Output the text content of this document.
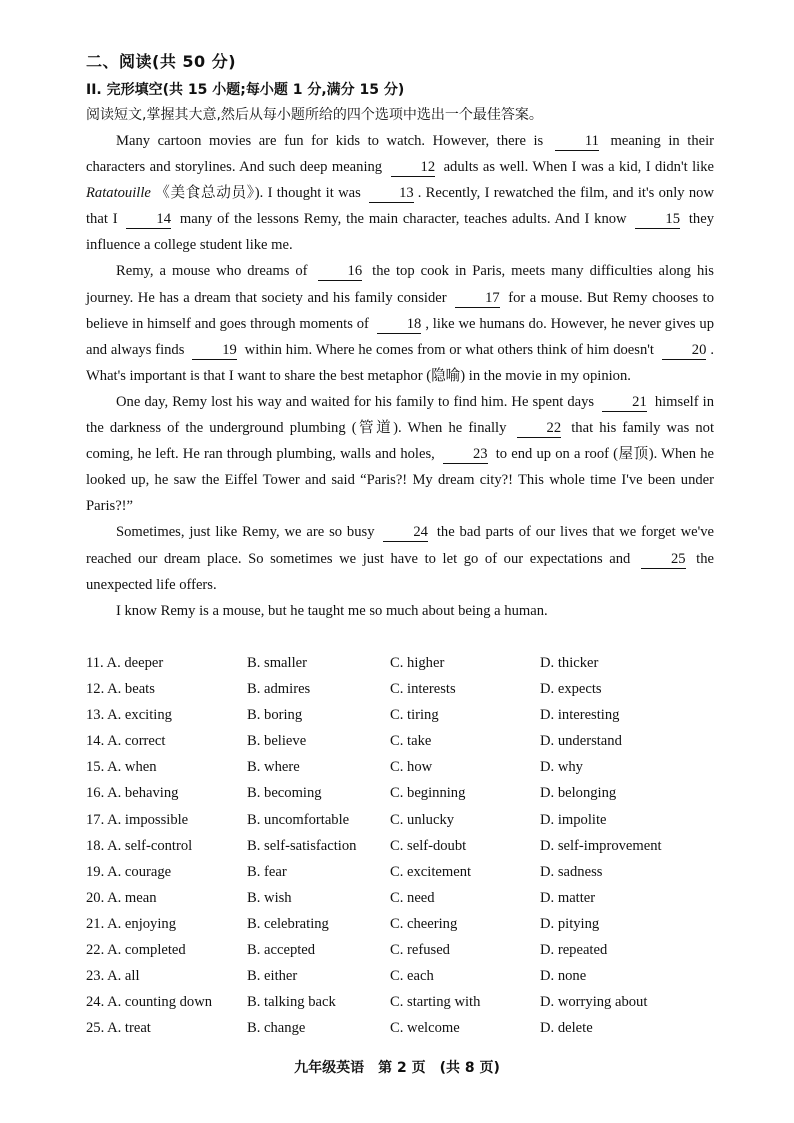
二、阅读(共 50 分)
II. 完形填空(共 15 小题;每小题 1 分,满分 15 分)
阅读短文,掌握其大意,然后从每小题所给的四个选项中选出一个最佳答案。

Many cartoon movies are fun for kids to watch. However, there is	11 meaning in their characters and storylines. And such deep meaning	12 adults as well. When I was a kid, I didn't like Ratatouille 《美食总动员》). I thought it was	13 . Recently, I rewatched the film, and it's only now that I	14 many of the lessons Remy, the main character, teaches adults. And I know	15 they influence a college student like me.

Remy, a mouse who dreams of	16 the top cook in Paris, meets many difficulties along his journey. He has a dream that society and his family consider	17 for a mouse. But Remy chooses to believe in himself and goes through moments of	18 , like we humans do. However, he never gives up and always finds	19 within him. Where he comes from or what others think of him doesn't	20 . What's important is that I want to share the best metaphor (隐喻) in the movie in my opinion.

One day, Remy lost his way and waited for his family to find him. He spent days	21 himself in the darkness of the underground plumbing (管道). When he finally	22 that his family was not coming, he left. He ran through plumbing, walls and holes,	23 to end up on a roof (屋顶). When he looked up, he saw the Eiffel Tower and said “Paris?! My dream city?! This whole time I've been under Paris?!”

Sometimes, just like Remy, we are so busy	24 the bad parts of our lives that we forget we've reached our dream place. So sometimes we just have to let go of our expectations and	25 the unexpected life offers.

I know Remy is a mouse, but he taught me so much about being a human.

11. A. deeper	B. smaller	C. higher	D. thicker
12. A. beats	B. admires	C. interests	D. expects
13. A. exciting	B. boring	C. tiring	D. interesting
14. A. correct	B. believe	C. take	D. understand
15. A. when	B. where	C. how	D. why
16. A. behaving	B. becoming	C. beginning	D. belonging
17. A. impossible	B. uncomfortable	C. unlucky	D. impolite
18. A. self-control	B. self-satisfaction C. self-doubt	D. self-improvement
19. A. courage	B. fear	C. excitement	D. sadness
20. A. mean	B. wish	C. need	D. matter
21. A. enjoying	B. celebrating	C. cheering	D. pitying
22. A. completed	B. accepted	C. refused	D. repeated
23. A. all	B. either	C. each	D. none
24. A. counting down B. talking back	C. starting with	D. worrying about
25. A. treat	B. change	C. welcome	D. delete
九年级英语　第 2 页　(共 8 页)
